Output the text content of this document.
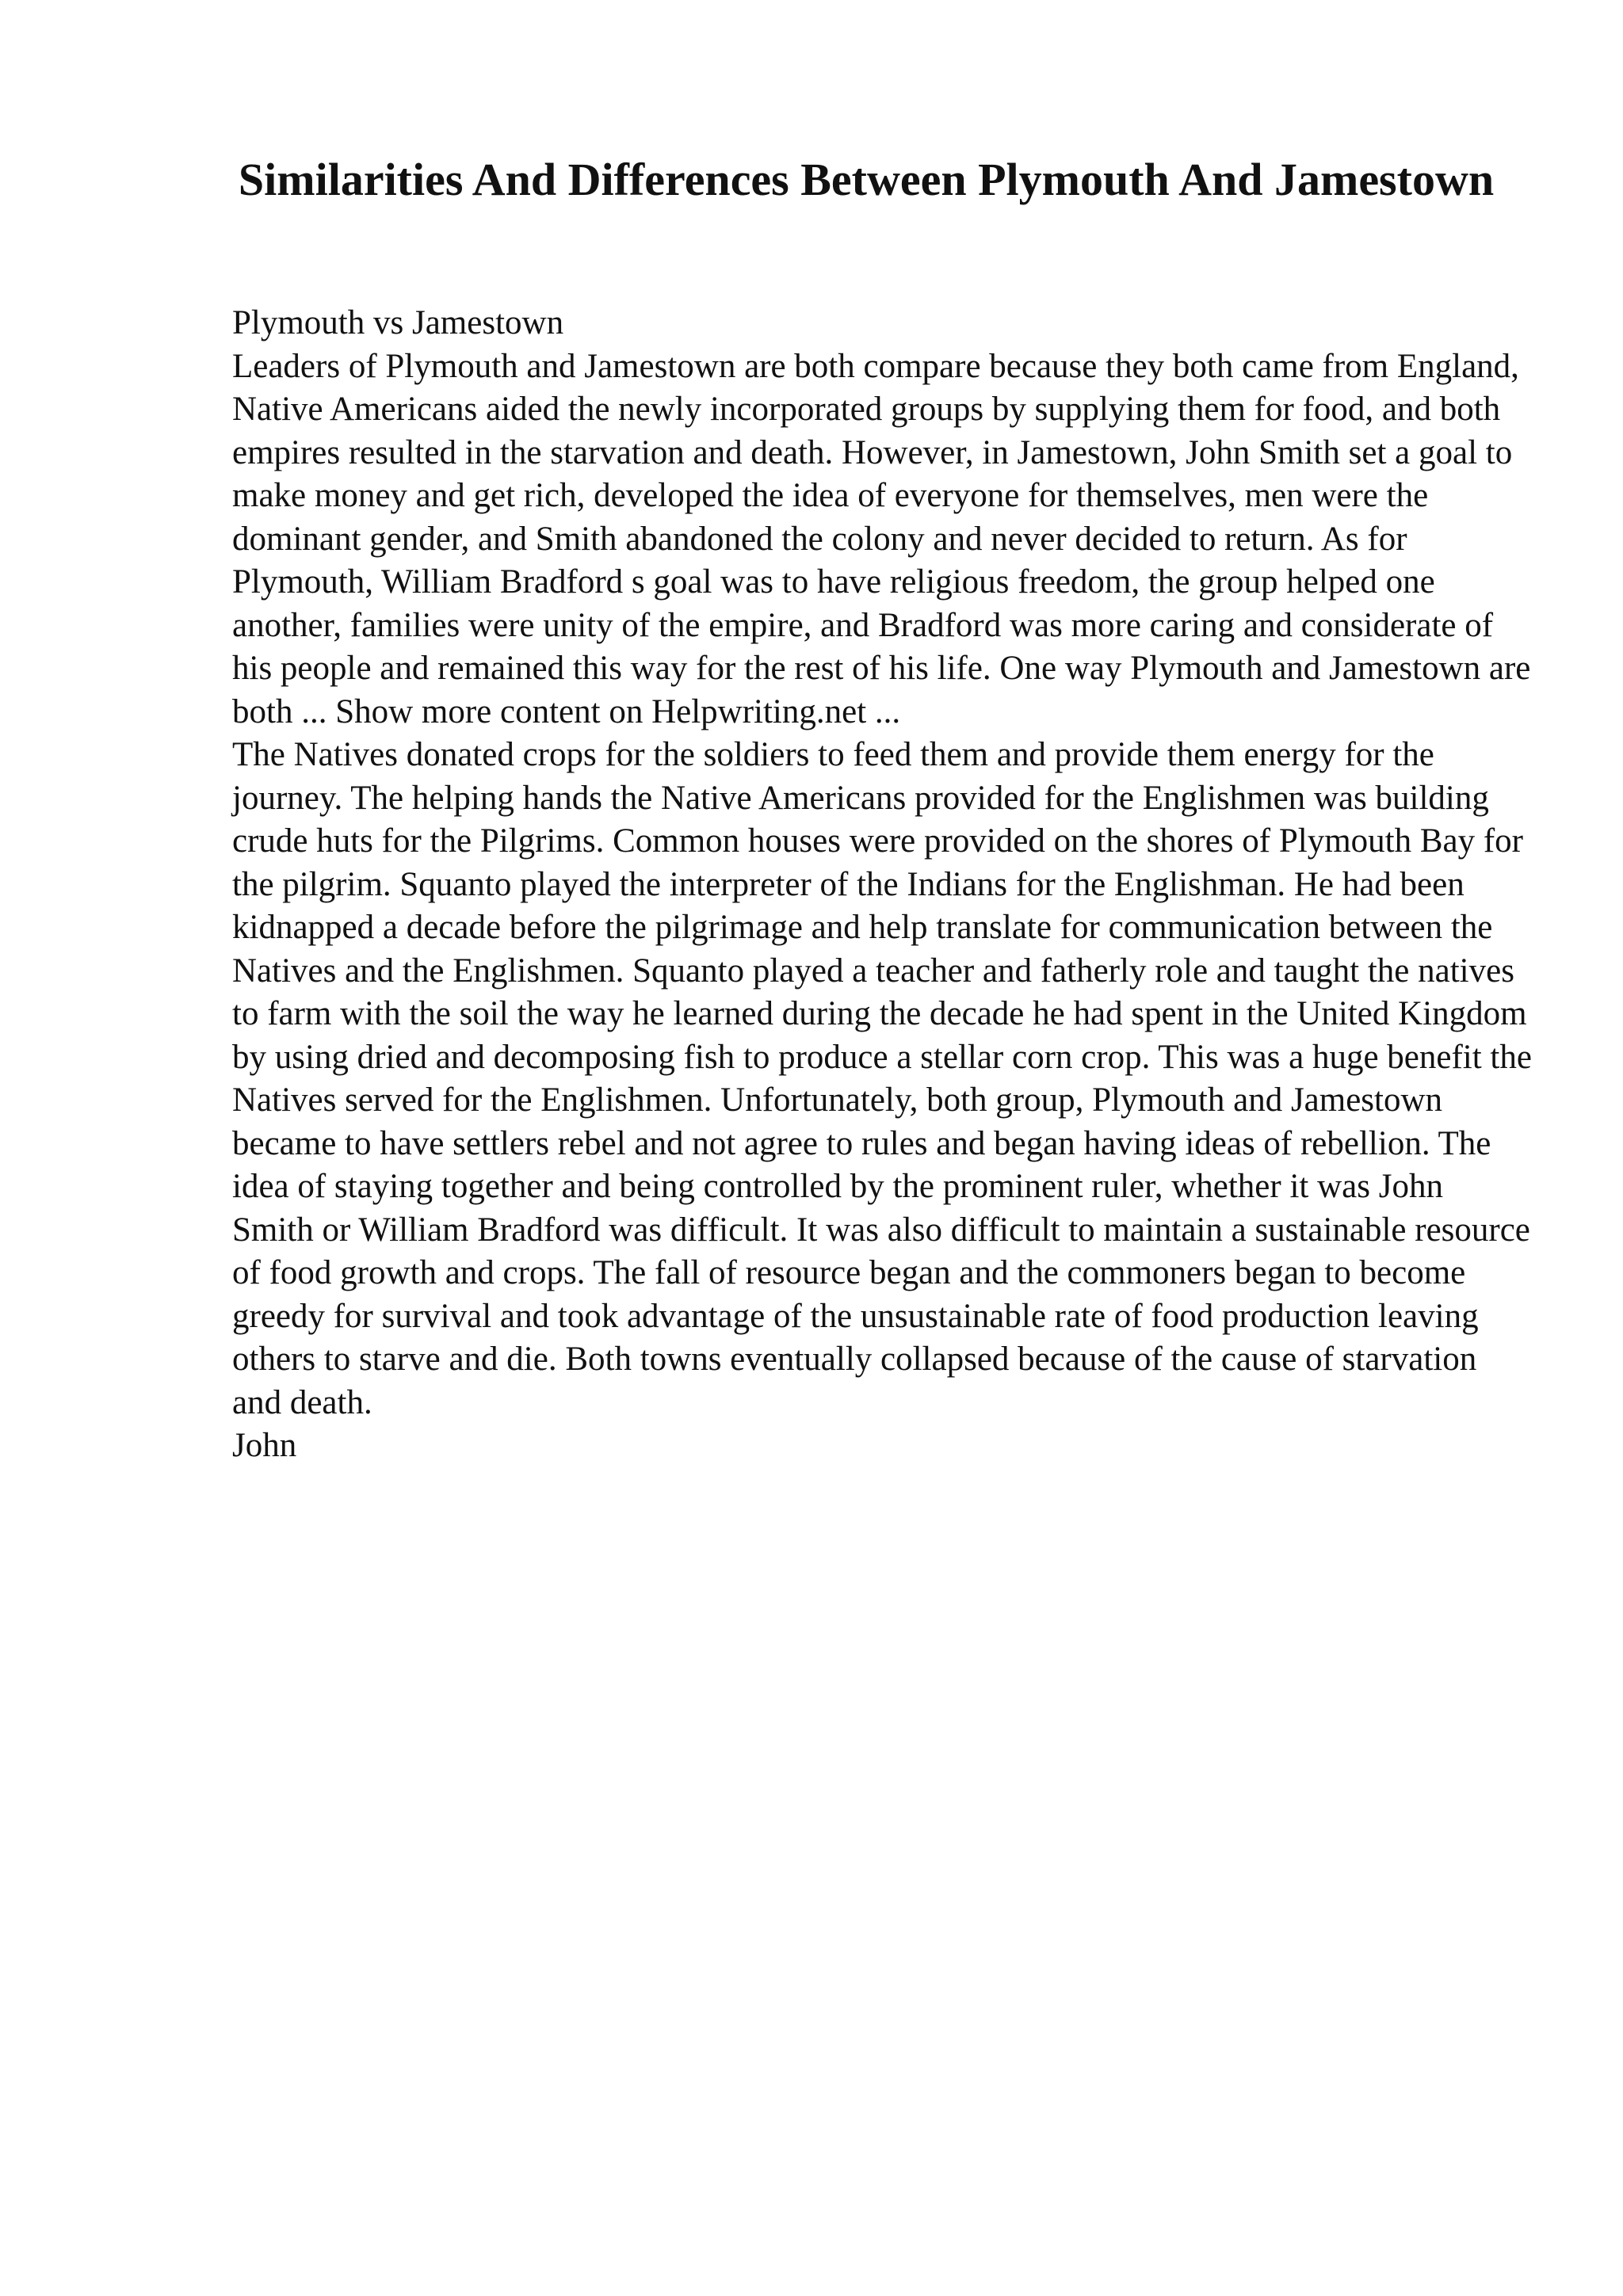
Similarities And Differences Between Plymouth And Jamestown

Plymouth vs Jamestown

Leaders of Plymouth and Jamestown are both compare because they both came from England, Native Americans aided the newly incorporated groups by supplying them for food, and both empires resulted in the starvation and death. However, in Jamestown, John Smith set a goal to make money and get rich, developed the idea of everyone for themselves, men were the dominant gender, and Smith abandoned the colony and never decided to return. As for Plymouth, William Bradford s goal was to have religious freedom, the group helped one another, families were unity of the empire, and Bradford was more caring and considerate of his people and remained this way for the rest of his life. One way Plymouth and Jamestown are both ... Show more content on Helpwriting.net ...

The Natives donated crops for the soldiers to feed them and provide them energy for the journey. The helping hands the Native Americans provided for the Englishmen was building crude huts for the Pilgrims. Common houses were provided on the shores of Plymouth Bay for the pilgrim. Squanto played the interpreter of the Indians for the Englishman. He had been kidnapped a decade before the pilgrimage and help translate for communication between the Natives and the Englishmen. Squanto played a teacher and fatherly role and taught the natives to farm with the soil the way he learned during the decade he had spent in the United Kingdom by using dried and decomposing fish to produce a stellar corn crop. This was a huge benefit the Natives served for the Englishmen. Unfortunately, both group, Plymouth and Jamestown became to have settlers rebel and not agree to rules and began having ideas of rebellion. The idea of staying together and being controlled by the prominent ruler, whether it was John Smith or William Bradford was difficult. It was also difficult to maintain a sustainable resource of food growth and crops. The fall of resource began and the commoners began to become greedy for survival and took advantage of the unsustainable rate of food production leaving others to starve and die. Both towns eventually collapsed because of the cause of starvation and death.

John
